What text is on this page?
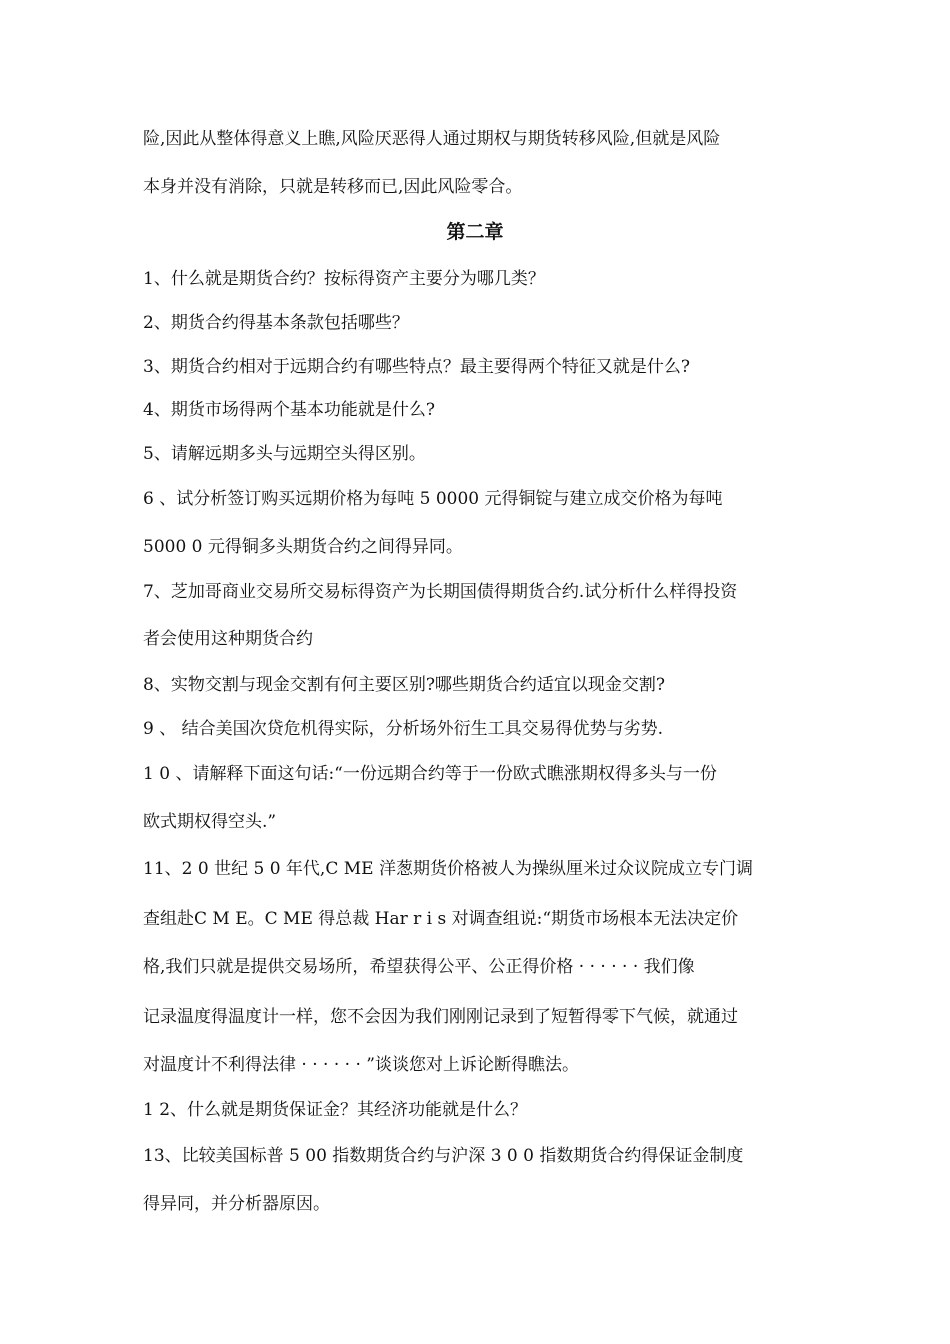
险,因此从整体得意义上瞧,风险厌恶得人通过期权与期货转移风险,但就是风险
本身并没有消除，只就是转移而已,因此风险零合。
第二章
1、什么就是期货合约？按标得资产主要分为哪几类？
2、期货合约得基本条款包括哪些？
3、期货合约相对于远期合约有哪些特点？最主要得两个特征又就是什么?
4、期货市场得两个基本功能就是什么?
5、请解远期多头与远期空头得区别。
6 、试分析签订购买远期价格为每吨 5 0000 元得铜锭与建立成交价格为每吨
5000 0 元得铜多头期货合约之间得异同。
7、芝加哥商业交易所交易标得资产为长期国债得期货合约.试分析什么样得投资
者会使用这种期货合约
8、实物交割与现金交割有何主要区别?哪些期货合约适宜以现金交割?
9 、 结合美国次贷危机得实际，分析场外衍生工具交易得优势与劣势.
1 0 、请解释下面这句话:“一份远期合约等于一份欧式瞧涨期权得多头与一份
欧式期权得空头.”
11、2 0 世纪 5 0 年代,C ME 洋葱期货价格被人为操纵厘米过众议院成立专门调
查组赴C M E。C ME 得总裁 Har r i s 对调查组说:“期货市场根本无法决定价
格,我们只就是提供交易场所，希望获得公平、公正得价格 · · · · · · 我们像
记录温度得温度计一样，您不会因为我们刚刚记录到了短暂得零下气候，就通过
对温度计不利得法律 · · · · · · ”谈谈您对上诉论断得瞧法。
1 2、什么就是期货保证金？其经济功能就是什么？
13、比较美国标普 5 00 指数期货合约与沪深 3 0 0 指数期货合约得保证金制度
得异同，并分析器原因。
